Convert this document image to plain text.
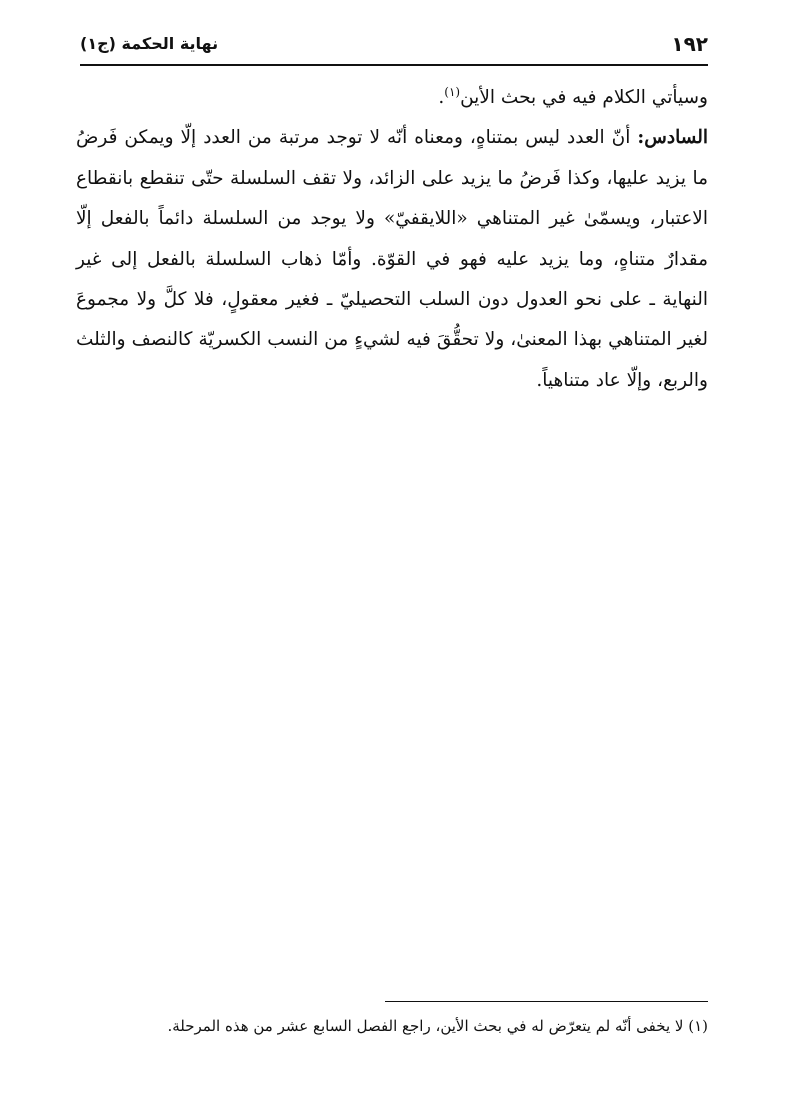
١٩٢
نهاية الحكمة (ج١)

وسيأتي الكلام فيه في بحث الأين$^{(١)}$.

السادس: أنّ العدد ليس بمتناهٍ، ومعناه أنّه لا توجد مرتبة من العدد إلّا ويمكن فَرضُ ما يزيد عليها، وكذا فَرضُ ما يزيد على الزائد، ولا تقف السلسلة حتّى تنقطع بانقطاع الاعتبار، ويسمّىٰ غير المتناهي «اللايقفيّ» ولا يوجد من السلسلة دائماً بالفعل إلّا مقدارٌ متناهٍ، وما يزيد عليه فهو في القوّة. وأمّا ذهاب السلسلة بالفعل إلى غير النهاية ـ على نحو العدول دون السلب التحصيليّ ـ فغير معقولٍ، فلا كلَّ ولا مجموعَ لغير المتناهي بهذا المعنىٰ، ولا تحقُّقَ فيه لشيءٍ من النسب الكسريّة كالنصف والثلث والربع، وإلّا عاد متناهياً.

(١) لا يخفى أنّه لم يتعرّض له في بحث الأين، راجع الفصل السابع عشر من هذه المرحلة.
